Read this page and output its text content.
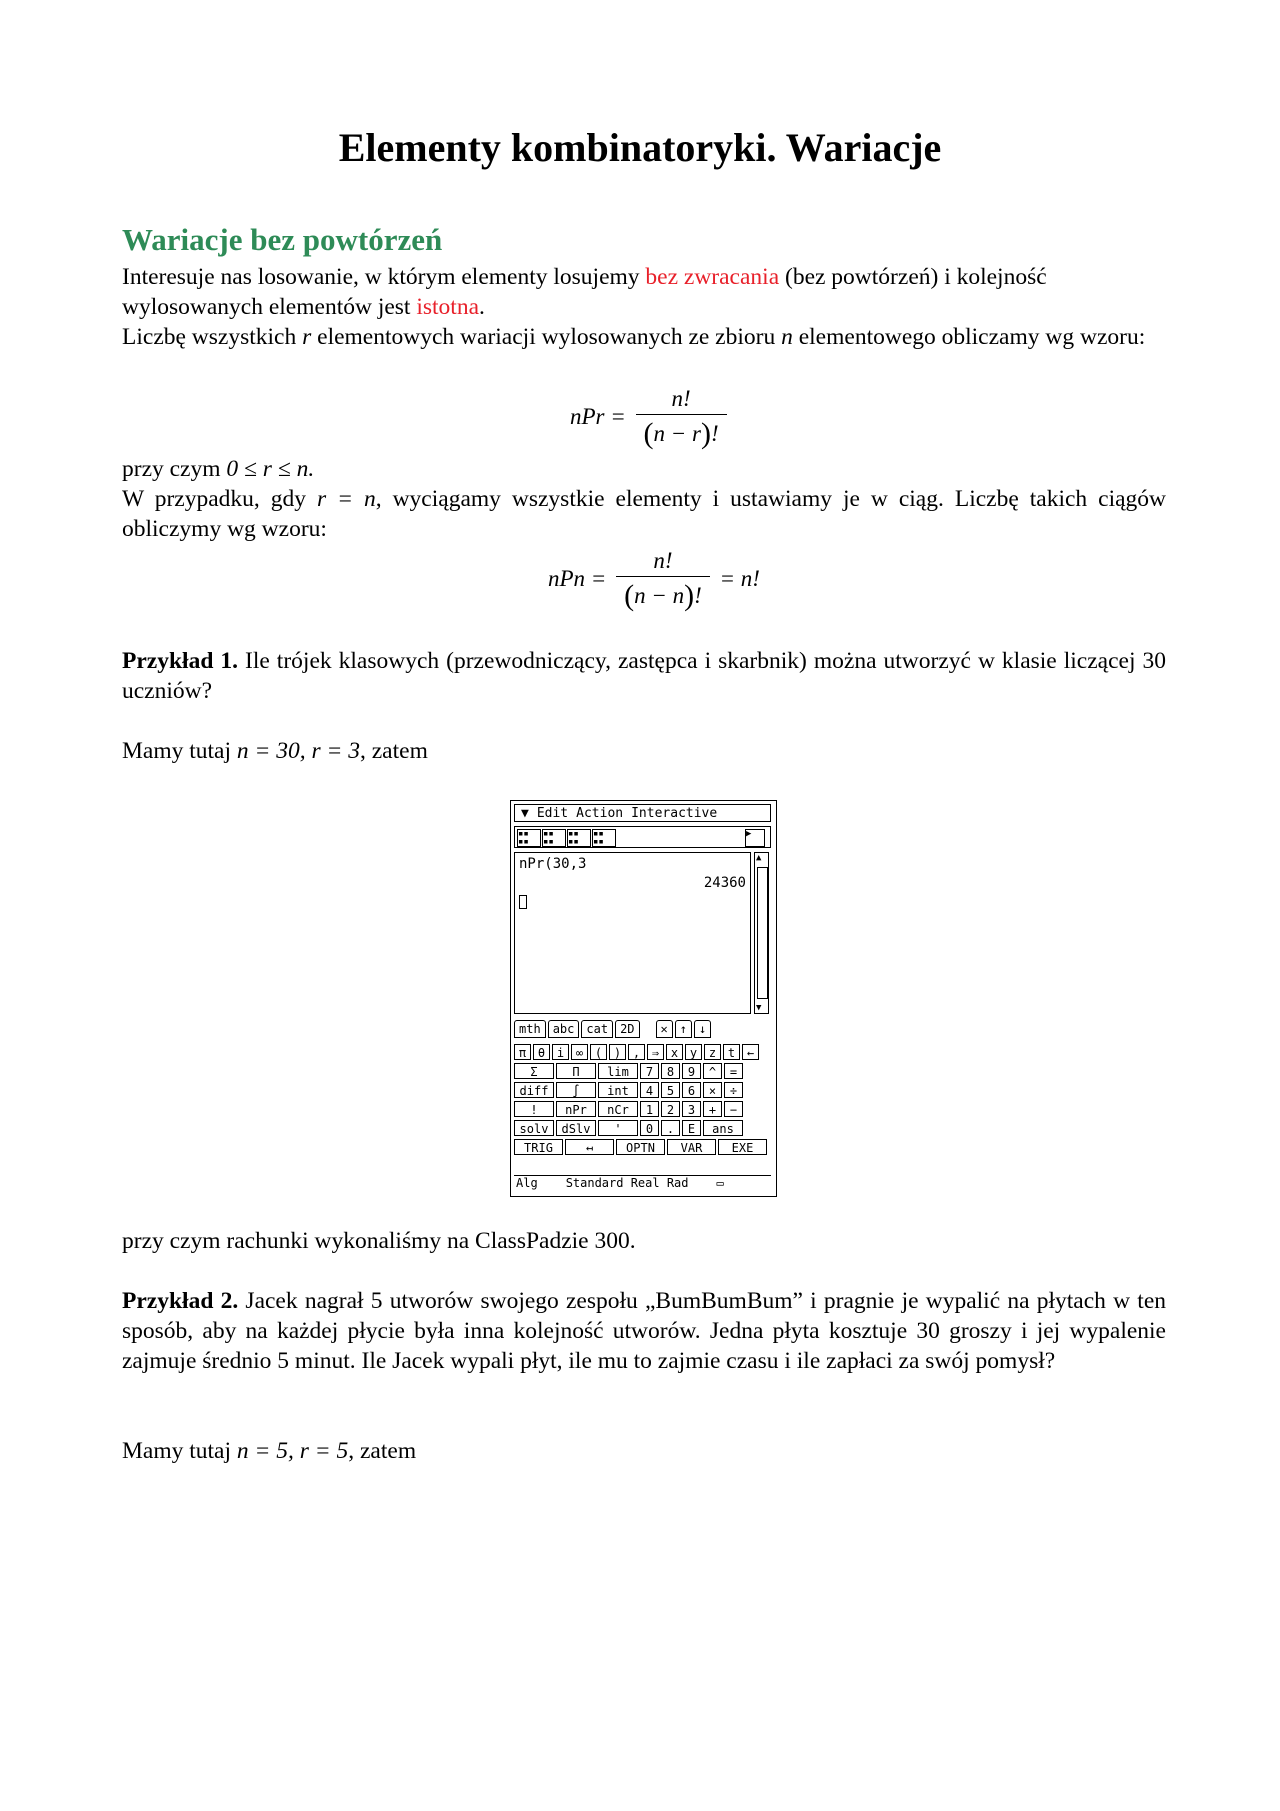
Elementy kombinatoryki. Wariacje
Wariacje bez powtórzeń
Interesuje nas losowanie, w którym elementy losujemy bez zwracania (bez powtórzeń) i kolejność wylosowanych elementów jest istotna.
Liczbę wszystkich r elementowych wariacji wylosowanych ze zbioru n elementowego obliczamy wg wzoru:
nPr = $\frac{n!}{(n - r)!}$
przy czym 0 ≤ r ≤ n.
W przypadku, gdy r = n, wyciągamy wszystkie elementy i ustawiamy je w ciąg. Liczbę takich ciągów obliczymy wg wzoru:
nPn = $\frac{n!}{(n - n)!} = n$!
Przykład 1. Ile trójek klasowych (przewodniczący, zastępca i skarbnik) można utworzyć w klasie liczącej 30 uczniów?
Mamy tutaj n = 30, r = 3, zatem
▼ Edit Action Interactive
▪▪
▪▪
▪▪
▪▪
▪▪
▪▪
▪▪
▪▪
▶
nPr(30,3
24360
▲
▼
mth	abc	cat	2D	✕	↑	↓
π θ i ∞ ( ) , ⇒ x y z t ←
Σ	Π	lim	7	8	9	^	=
diff	∫	int	4	5	6	×	÷
!	nPr	nCr	1	2	3	+	−
solv	dSlv	'	0	.	E	ans
TRIG	↤	OPTN	VAR	EXE
Alg Standard Real Rad ▭
przy czym rachunki wykonaliśmy na ClassPadzie 300.
Przykład 2. Jacek nagrał 5 utworów swojego zespołu „BumBumBum” i pragnie je wypalić na płytach w ten sposób, aby na każdej płycie była inna kolejność utworów. Jedna płyta kosztuje 30 groszy i jej wypalenie zajmuje średnio 5 minut. Ile Jacek wypali płyt, ile mu to zajmie czasu i ile zapłaci za swój pomysł?
Mamy tutaj n = 5, r = 5, zatem
